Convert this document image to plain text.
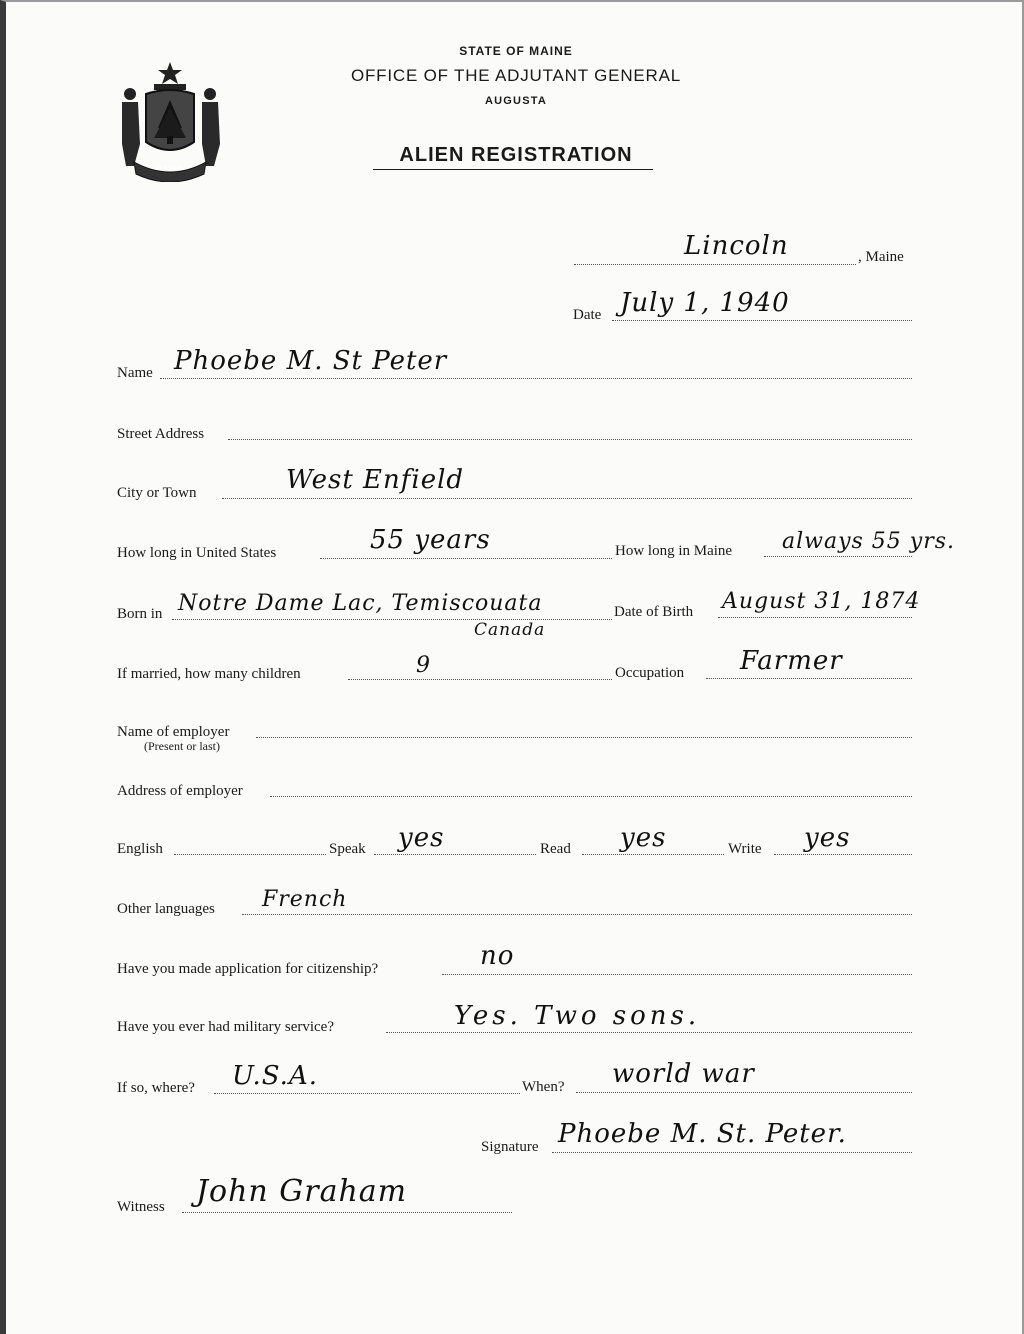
MAINE
STATE OF MAINE
OFFICE OF THE ADJUTANT GENERAL
AUGUSTA
ALIEN REGISTRATION
Lincoln	, Maine
Date July 1, 1940
Name Phoebe M. St Peter
Street Address
City or Town	West Enfield
How long in United States	55 years	How long in Maine always 55 yrs.
Born in Notre Dame Lac, Temiscouata
Canada
Date of Birth August 31, 1874
If married, how many children	9	Occupation Farmer
Name of employer
(Present or last)
Address of employer
English	Speak yes	Read yes	Write yes
Other languages French
Have you made application for citizenship?	no
Have you ever had military service?	Yes. Two sons.
If so, where? U.S.A.	When? world war
Signature Phoebe M. St. Peter.
Witness John Graham
